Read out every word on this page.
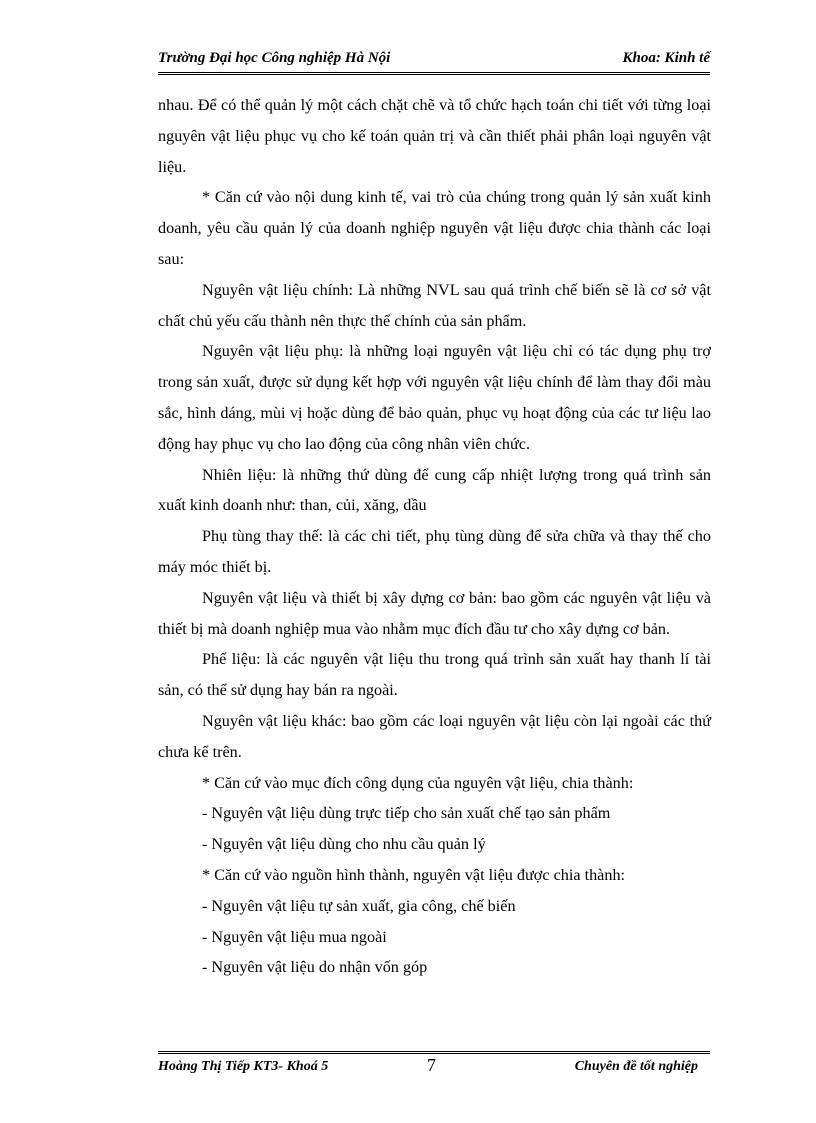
Trường Đại học Công nghiệp Hà Nội	Khoa: Kinh tế

nhau. Để có thể quản lý một cách chặt chẽ và tổ chức hạch toán chi tiết với từng loại nguyên vật liệu phục vụ cho kế toán quản trị và cần thiết phải phân loại nguyên vật liệu.

* Căn cứ vào nội dung kinh tế, vai trò của chúng trong quản lý sản xuất kinh doanh, yêu cầu quản lý của doanh nghiệp nguyên vật liệu được chia thành các loại sau:

Nguyên vật liệu chính: Là những NVL sau quá trình chế biến sẽ là cơ sở vật chất chủ yếu cấu thành nên thực thể chính của sản phẩm.

Nguyên vật liệu phụ: là những loại nguyên vật liệu chỉ có tác dụng phụ trợ trong sản xuất, được sử dụng kết hợp với nguyên vật liệu chính để làm thay đổi màu sắc, hình dáng, mùi vị hoặc dùng để bảo quản, phục vụ hoạt động của các tư liệu lao động hay phục vụ cho lao động của công nhân viên chức.

Nhiên liệu: là những thứ dùng để cung cấp nhiệt lượng trong quá trình sản xuất kinh doanh như: than, củi, xăng, dầu

Phụ tùng thay thế: là các chi tiết, phụ tùng dùng để sửa chữa và thay thế cho máy móc thiết bị.

Nguyên vật liệu và thiết bị xây dựng cơ bản: bao gồm các nguyên vật liệu và thiết bị mà doanh nghiệp mua vào nhằm mục đích đầu tư cho xây dựng cơ bản.

Phế liệu: là các nguyên vật liệu thu trong quá trình sản xuất hay thanh lí tài sản, có thể sử dụng hay bán ra ngoài.

Nguyên vật liệu khác: bao gồm các loại nguyên vật liệu còn lại ngoài các thứ chưa kể trên.

* Căn cứ vào mục đích công dụng của nguyên vật liệu, chia thành:

- Nguyên vật liệu dùng trực tiếp cho sản xuất chế tạo sản phẩm

- Nguyên vật liệu dùng cho nhu cầu quản lý

* Căn cứ vào nguồn hình thành, nguyên vật liệu được chia thành:

- Nguyên vật liệu tự sản xuất, gia công, chế biến

- Nguyên vật liệu mua ngoài

- Nguyên vật liệu do nhận vốn góp

Hoàng Thị Tiếp KT3- Khoá 5	7	Chuyên đề tốt nghiệp
